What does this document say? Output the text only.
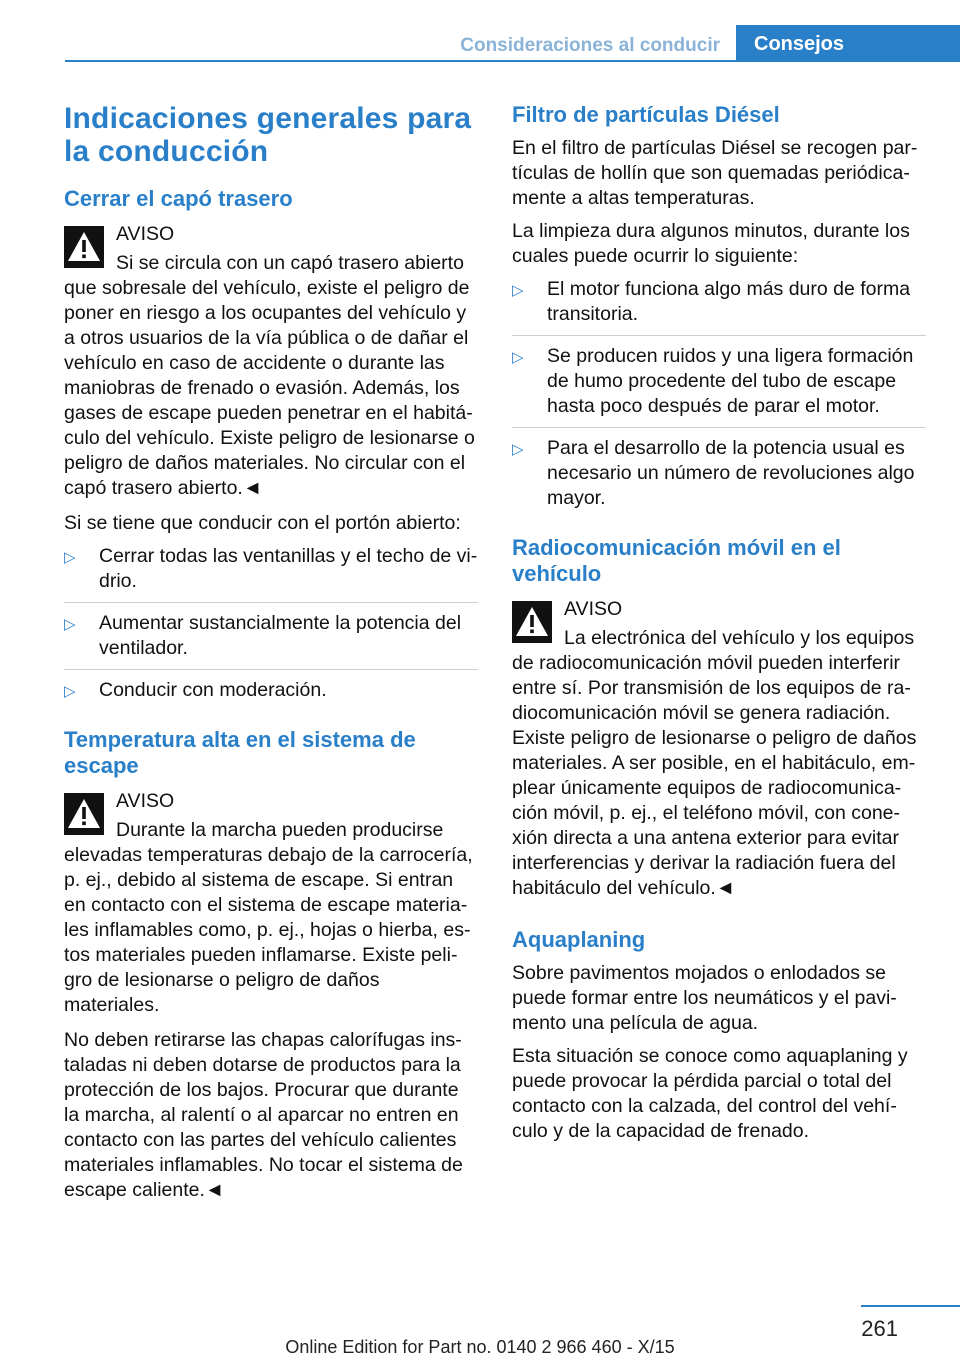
Consideraciones al conducir	Consejos
Indicaciones generales para la conducción
Cerrar el capó trasero
AVISO
Si se circula con un capó trasero abierto que sobresale del vehículo, existe el peligro de poner en riesgo a los ocupantes del vehículo y a otros usuarios de la vía pública o de dañar el vehículo en caso de accidente o durante las maniobras de frenado o evasión. Además, los gases de escape pueden penetrar en el habitáculo del vehículo. Existe peligro de lesionarse o peligro de daños materiales. No circular con el capó trasero abierto.◄

Si se tiene que conducir con el portón abierto:

▷ Cerrar todas las ventanillas y el techo de vidrio.
▷ Aumentar sustancialmente la potencia del ventilador.
▷ Conducir con moderación.
Temperatura alta en el sistema de escape
AVISO
Durante la marcha pueden producirse elevadas temperaturas debajo de la carrocería, p. ej., debido al sistema de escape. Si entran en contacto con el sistema de escape materiales inflamables como, p. ej., hojas o hierba, estos materiales pueden inflamarse. Existe peligro de lesionarse o peligro de daños materiales.

No deben retirarse las chapas calorífugas instaladas ni deben dotarse de productos para la protección de los bajos. Procurar que durante la marcha, al ralentí o al aparcar no entren en contacto con las partes del vehículo calientes materiales inflamables. No tocar el sistema de escape caliente.◄

Filtro de partículas Diésel

En el filtro de partículas Diésel se recogen partículas de hollín que son quemadas periódicamente a altas temperaturas.

La limpieza dura algunos minutos, durante los cuales puede ocurrir lo siguiente:

▷ El motor funciona algo más duro de forma transitoria.
▷ Se producen ruidos y una ligera formación de humo procedente del tubo de escape hasta poco después de parar el motor.
▷ Para el desarrollo de la potencia usual es necesario un número de revoluciones algo mayor.
Radiocomunicación móvil en el vehículo
AVISO
La electrónica del vehículo y los equipos de radiocomunicación móvil pueden interferir entre sí. Por transmisión de los equipos de radiocomunicación móvil se genera radiación. Existe peligro de lesionarse o peligro de daños materiales. A ser posible, en el habitáculo, emplear únicamente equipos de radiocomunicación móvil, p. ej., el teléfono móvil, con conexión directa a una antena exterior para evitar interferencias y derivar la radiación fuera del habitáculo del vehículo.◄
Aquaplaning

Sobre pavimentos mojados o enlodados se puede formar entre los neumáticos y el pavimento una película de agua.

Esta situación se conoce como aquaplaning y puede provocar la pérdida parcial o total del contacto con la calzada, del control del vehículo y de la capacidad de frenado.

261
Online Edition for Part no. 0140 2 966 460 - X/15
